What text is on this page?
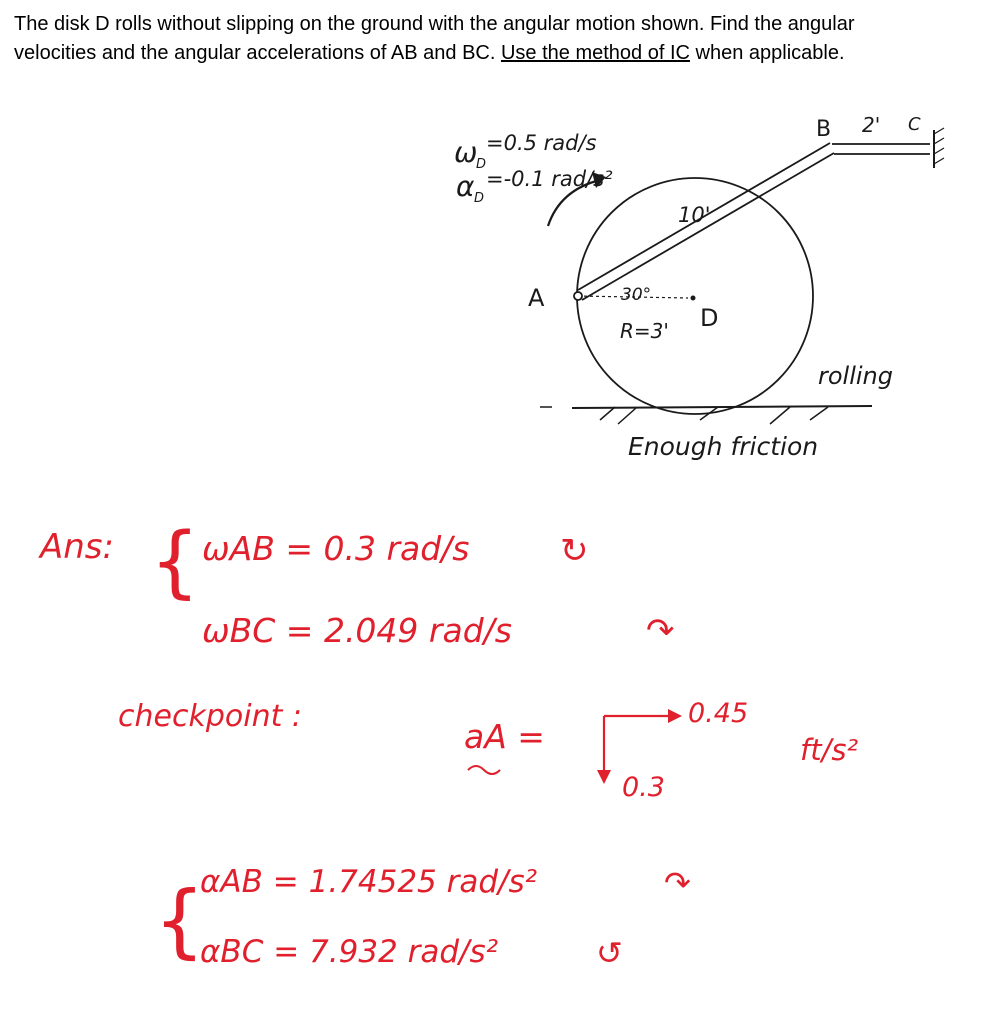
The disk D rolls without slipping on the ground with the angular motion shown. Find the angular
velocities and the angular accelerations of AB and BC. Use the method of IC when applicable.
ω
D
=0.5 rad/s
α D
=-0.1 rad/s²
A
B	C
D
10'
2'
30°
R=3'
rolling
Enough friction
Ans: { ωAB = 0.3 rad/s	↻
ωBC = 2.049 rad/s	↷
checkpoint :
aA =
0.45
0.3
ft/s²
{
αAB = 1.74525 rad/s²	↷
αBC = 7.932 rad/s²	↺
